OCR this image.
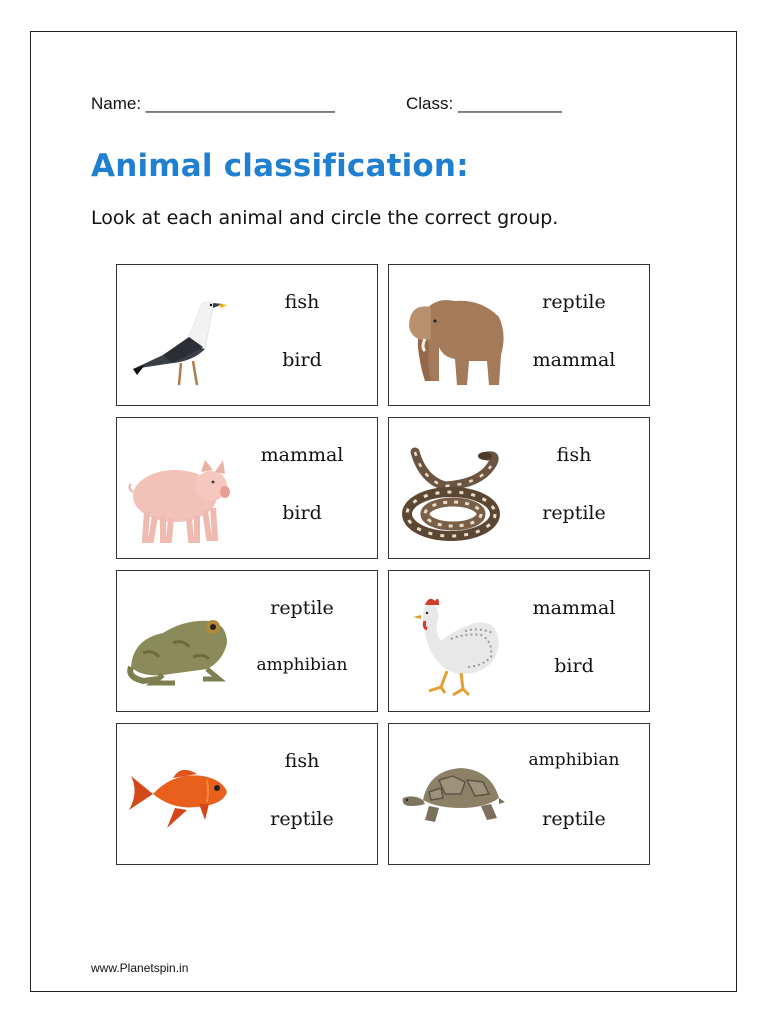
Name: ____________________	Class: ___________
Animal classification:
Look at each animal and circle the correct group.
fish
bird
reptile
mammal
mammal
bird
fish
reptile
reptile
amphibian
mammal
bird
fish
reptile
amphibian
reptile
www.Planetspin.in
